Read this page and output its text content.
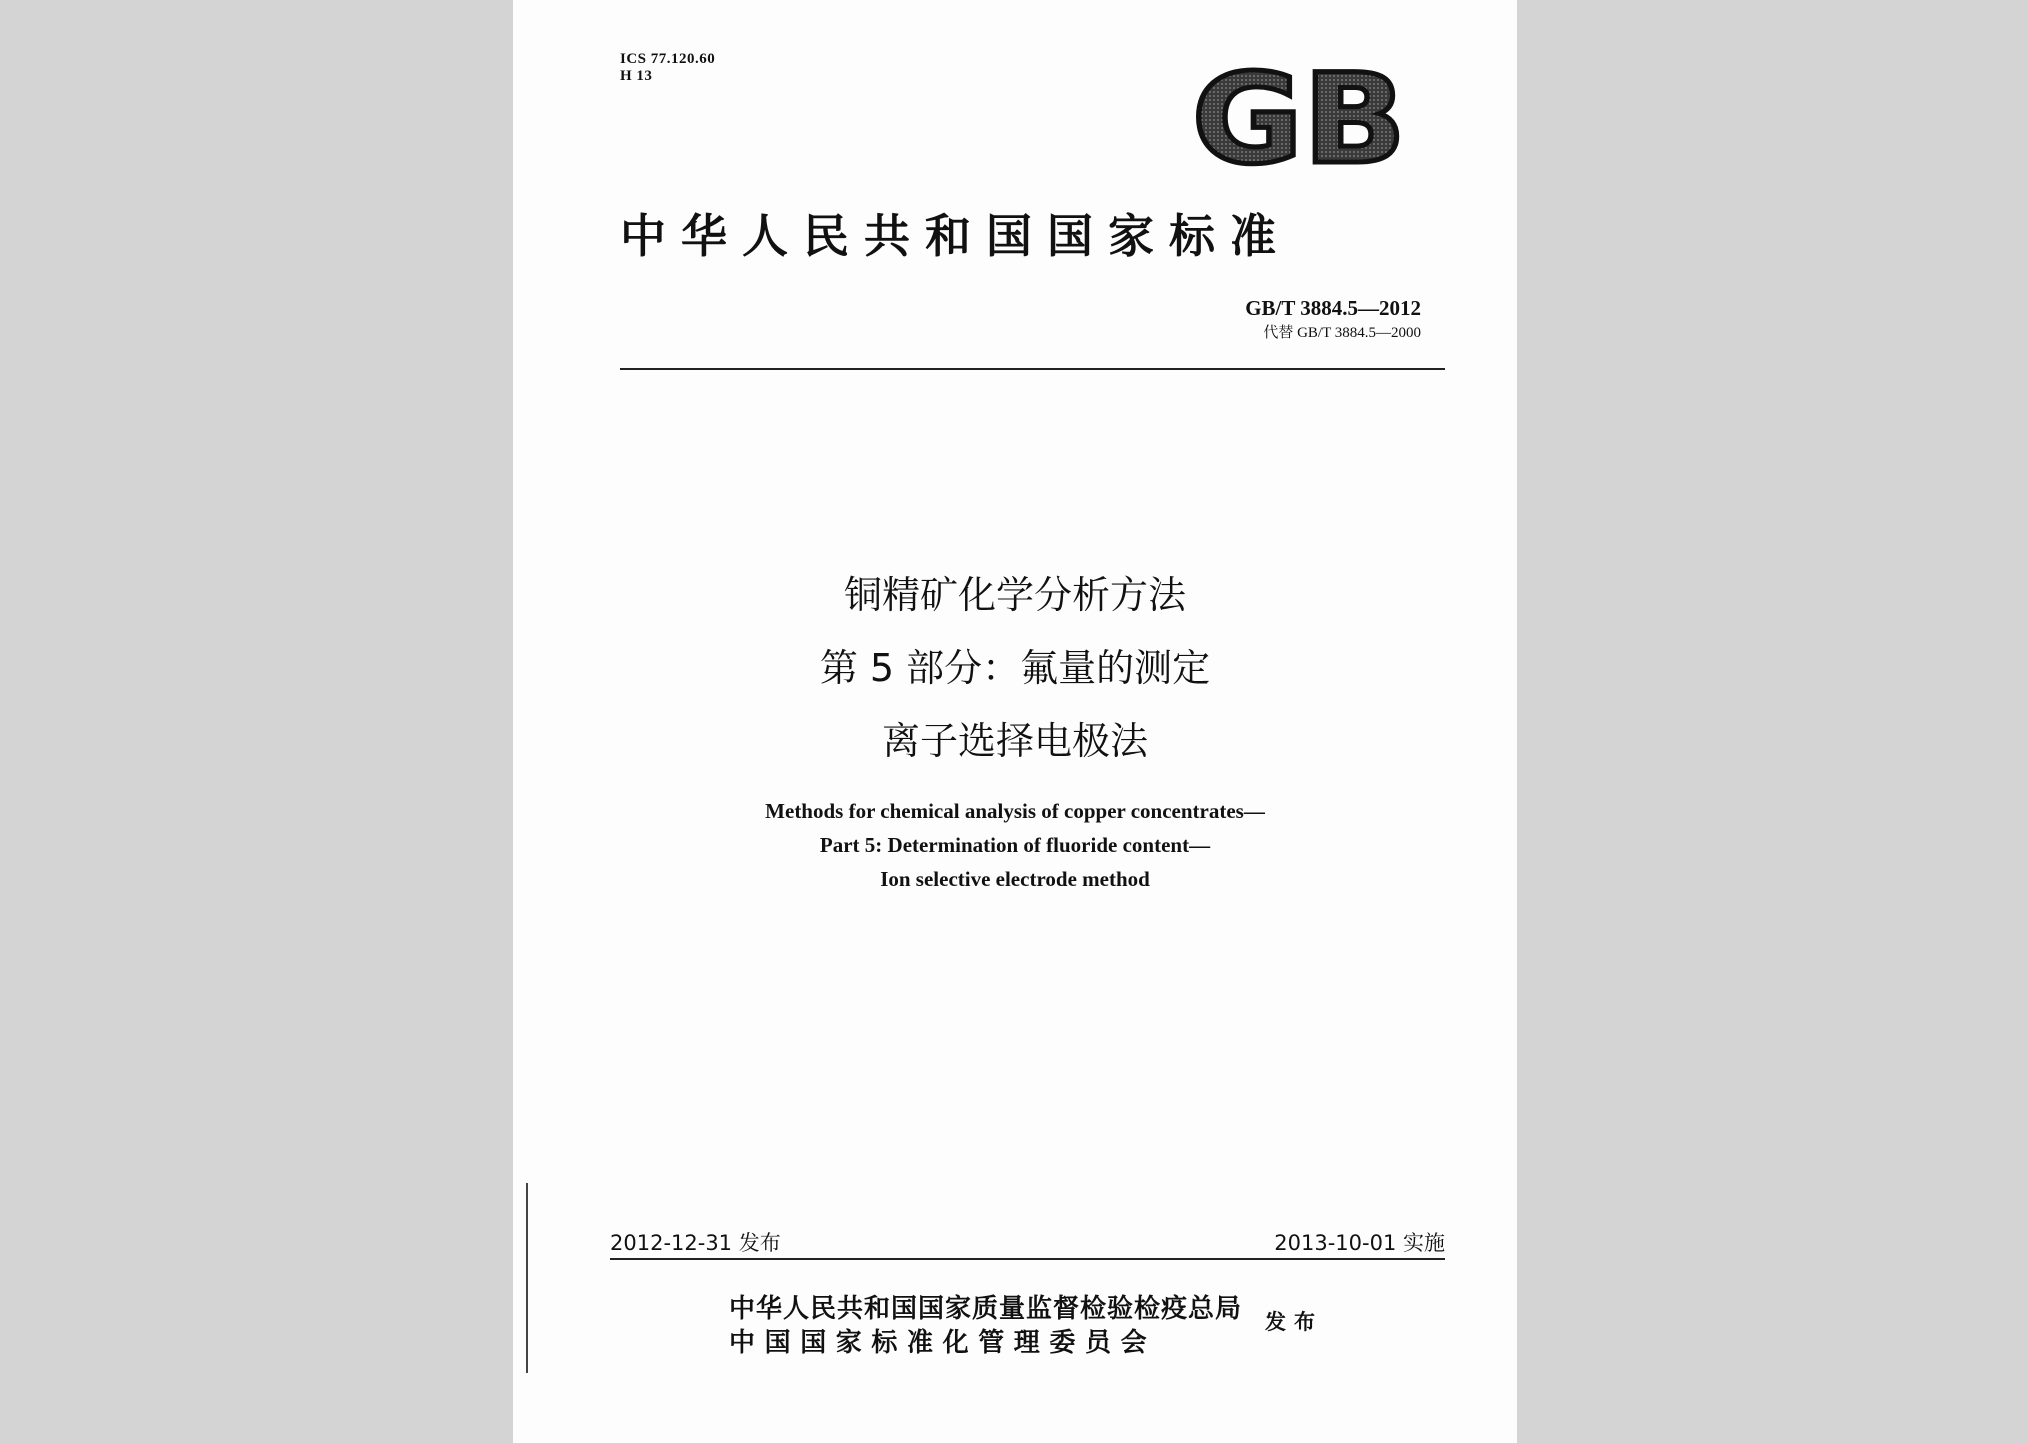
ICS 77.120.60
H 13	GB
中华人民共和国国家标准
GB/T 3884.5—2012
代替 GB/T 3884.5—2000
铜精矿化学分析方法
第 5 部分：氟量的测定
离子选择电极法
Methods for chemical analysis of copper concentrates—
Part 5: Determination of fluoride content—
Ion selective electrode method
2012-12-31 发布	2013-10-01 实施
中华人民共和国国家质量监督检验检疫总局
中国国家标准化管理委员会
发布
